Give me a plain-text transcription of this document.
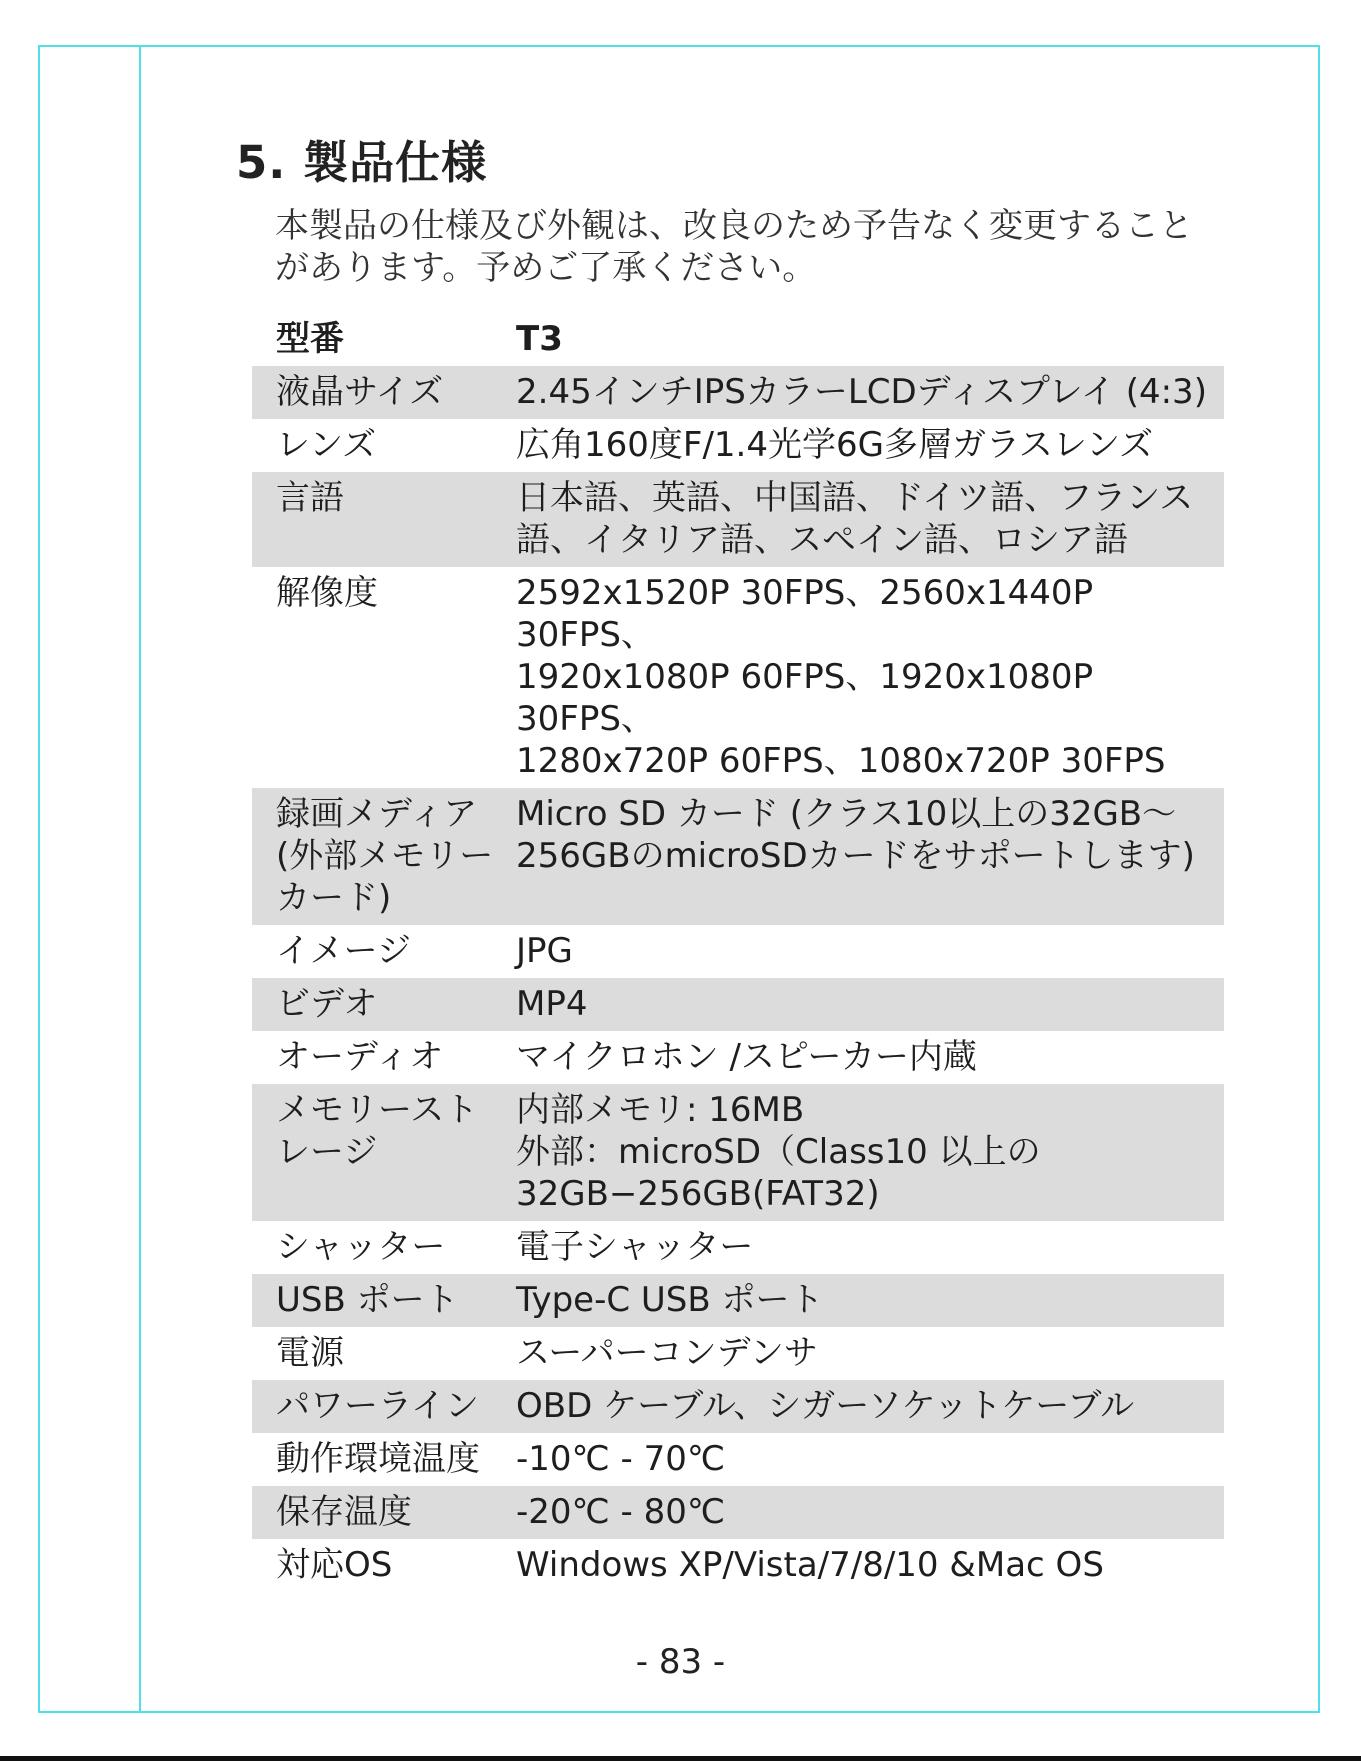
5. 製品仕様
本製品の仕様及び外観は、改良のため予告なく変更することがあります。予めご了承ください。
型番	T3
液晶サイズ	2.45インチIPSカラーLCDディスプレイ (4:3)
レンズ	広角160度F/1.4光学6G多層ガラスレンズ
言語	日本語、英語、中国語、ドイツ語、フランス語、イタリア語、スペイン語、ロシア語
解像度	2592x1520P 30FPS、2560x1440P 30FPS、
1920x1080P 60FPS、1920x1080P 30FPS、
1280x720P 60FPS、1080x720P 30FPS
録画メディア(外部メモリーカード)	Micro SD カード (クラス10以上の32GB〜256GBのmicroSDカードをサポートします)
イメージ	JPG
ビデオ	MP4
オーディオ	マイクロホン /スピーカー内蔵
メモリーストレージ	内部メモリ: 16MB
外部：microSD（Class10 以上の32GB−256GB(FAT32)
シャッター	電子シャッター
USB ポート	Type-C USB ポート
電源	スーパーコンデンサ
パワーライン	OBD ケーブル、シガーソケットケーブル
動作環境温度	-10℃ - 70℃
保存温度	-20℃ - 80℃
対応OS	Windows XP/Vista/7/8/10 &Mac OS
- 83 -
